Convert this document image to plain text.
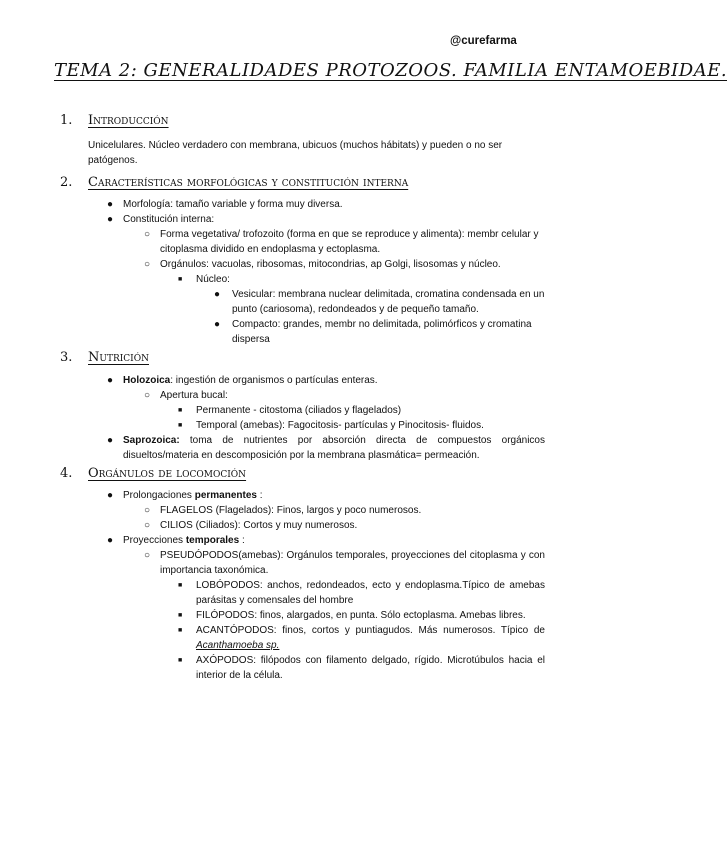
@curefarma
TEMA 2: GENERALIDADES PROTOZOOS. FAMILIA ENTAMOEBIDAE.
1.	Introducción

Unicelulares. Núcleo verdadero con membrana, ubicuos (muchos hábitats) y pueden o no ser patógenos.

2.	Características morfológicas y constitución interna
● Morfología: tamaño variable y forma muy diversa.
● Constitución interna:
○ Forma vegetativa/ trofozoito (forma en que se reproduce y alimenta): membr celular y citoplasma dividido en endoplasma y ectoplasma.
○ Orgánulos: vacuolas, ribosomas, mitocondrias, ap Golgi, lisosomas y núcleo.
■ Núcleo:
● Vesicular: membrana nuclear delimitada, cromatina condensada en un punto (cariosoma), redondeados y de pequeño tamaño.
● Compacto: grandes, membr no delimitada, polimórficos y cromatina dispersa
3.	Nutrición
● Holozoica: ingestión de organismos o partículas enteras.
○ Apertura bucal:
■ Permanente - citostoma (ciliados y flagelados)
■ Temporal (amebas): Fagocitosis- partículas y Pinocitosis- fluidos.
● Saprozoica: toma de nutrientes por absorción directa de compuestos orgánicos disueltos/materia en descomposición por la membrana plasmática= permeación.
4.	Orgánulos de locomoción
● Prolongaciones permanentes :
○ FLAGELOS (Flagelados): Finos, largos y poco numerosos.
○ CILIOS (Ciliados): Cortos y muy numerosos.
● Proyecciones temporales :
○ PSEUDÓPODOS(amebas): Orgánulos temporales, proyecciones del citoplasma y con importancia taxonómica.
■ LOBÓPODOS: anchos, redondeados, ecto y endoplasma.Típico de amebas parásitas y comensales del hombre
■ FILÓPODOS: finos, alargados, en punta. Sólo ectoplasma. Amebas libres.
■ ACANTÓPODOS: finos, cortos y puntiagudos. Más numerosos. Típico de Acanthamoeba sp.
■ AXÓPODOS: filópodos con filamento delgado, rígido. Microtúbulos hacia el interior de la célula.
